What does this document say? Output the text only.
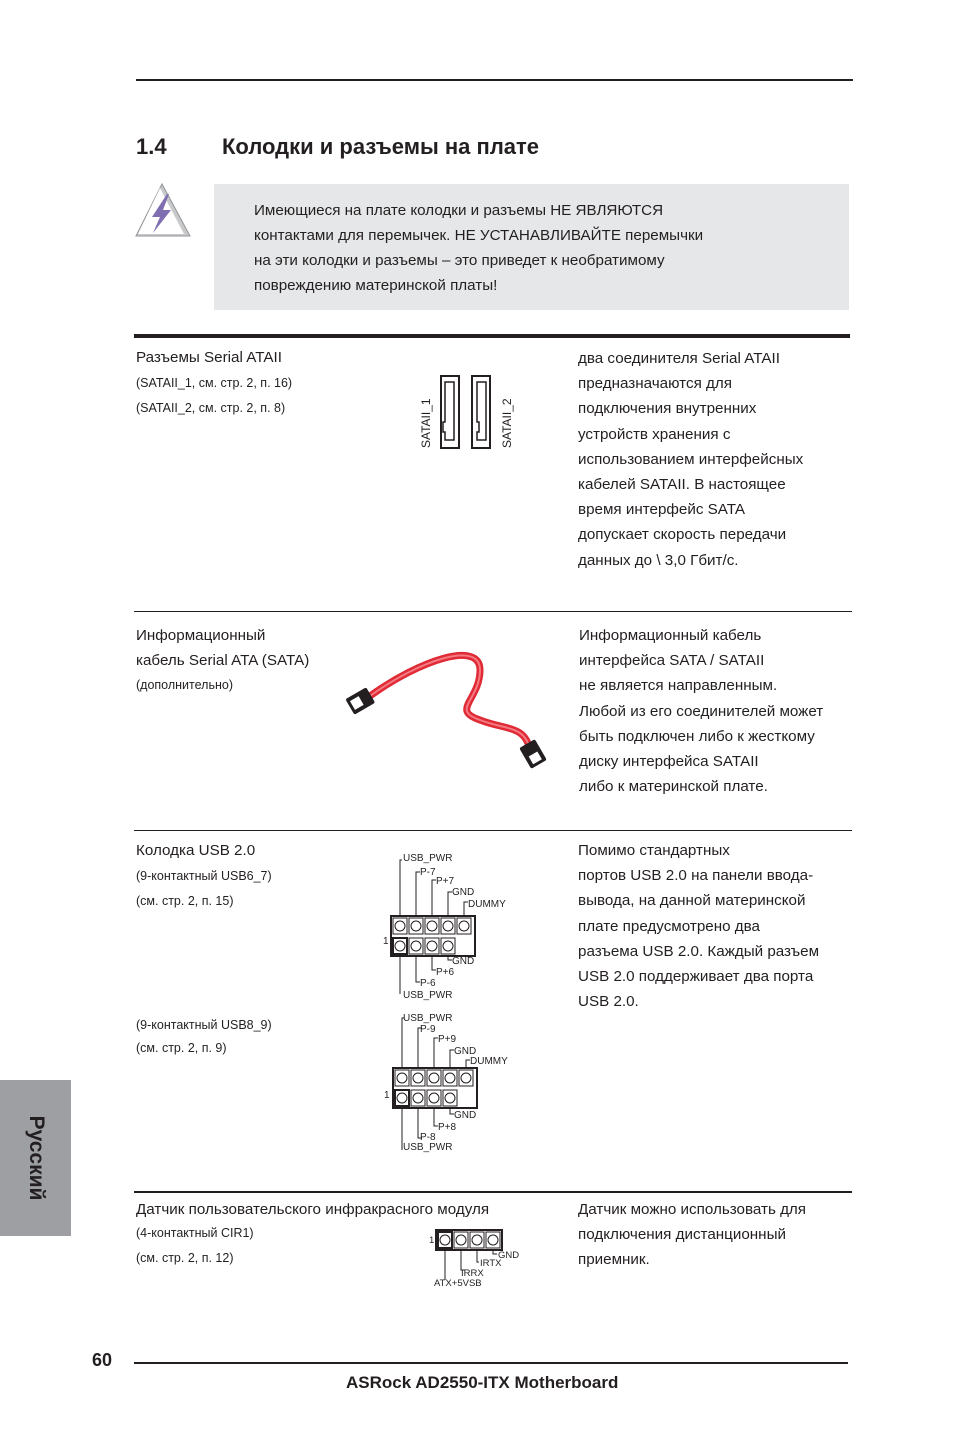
1.4	Колодки и разъемы на плате
Имеющиеся на плате колодки и разъемы НЕ ЯВЛЯЮТСЯ
контактами для перемычек. НЕ УСТАНАВЛИВАЙТЕ перемычки
на эти колодки и разъемы – это приведет к необратимому
повреждению материнской платы!
Разъемы Serial ATAII
(SATAII_1, см. стр. 2, п. 16)
(SATAII_2, см. стр. 2, п. 8)	SATAII_1	SATAII_2
два соединителя Serial ATAII
предназначаются для
подключения внутренних
устройств хранения с
использованием интерфейсных
кабелей SATAII. В настоящее
время интерфейс SATA
допускает скорость передачи
данных до \ 3,0 Гбит/с.
Информационный
кабель Serial ATA (SATA)
(дополнительно)
Информационный кабель
интерфейса SATA / SATAII
не является направленным.
Любой из его соединителей может
быть подключен либо к жесткому
диску интерфейса SATAII
либо к материнской плате.
Колодка USB 2.0
(9-контактный USB6_7)
(см. стр. 2, п. 15)
USB_PWR
P-7
P+7
GND
DUMMY
GND
P+6
P-6
USB_PWR
1
(9-контактный USB8_9)
(см. стр. 2, п. 9)
USB_PWR
P-9
P+9
GND
DUMMY
GND
P+8
P-8
USB_PWR
1
Помимо стандартных
портов USB 2.0 на панели ввода-
вывода, на данной материнской
плате предусмотрено два
разъема USB 2.0. Каждый разъем
USB 2.0 поддерживает два порта
USB 2.0.
Датчик пользовательского инфракрасного модуля
(4-контактный CIR1)
(см. стр. 2, п. 12)
1
GND
IRTX
IRRX
ATX+5VSB
Датчик можно использовать для
подключения дистанционный
приемник.
Русский
60
ASRock AD2550-ITX Motherboard
